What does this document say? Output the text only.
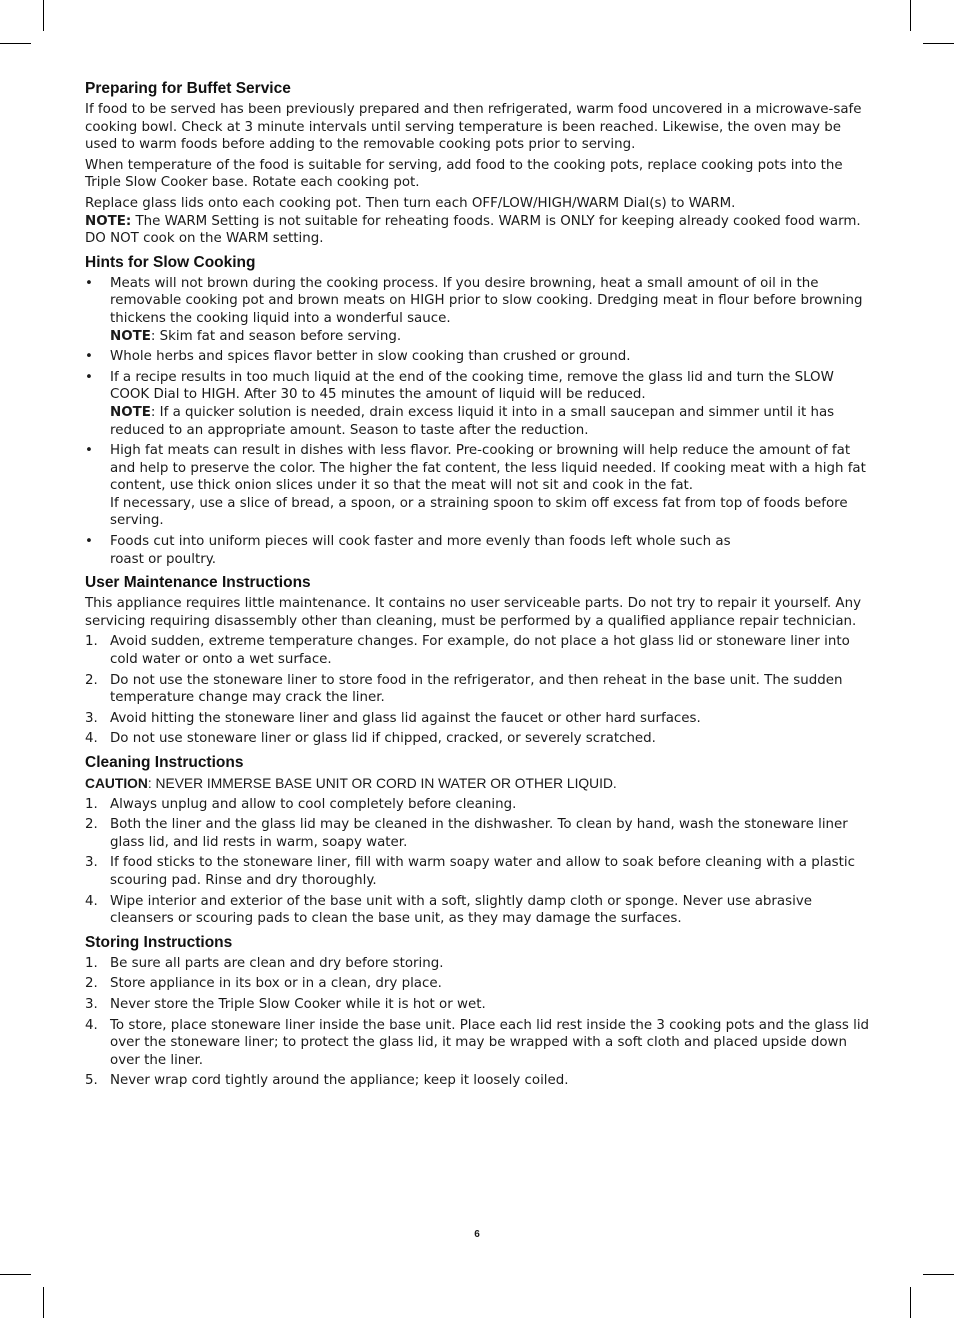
Preparing for Buffet Service

If food to be served has been previously prepared and then refrigerated, warm food uncovered in a microwave-safe cooking bowl. Check at 3 minute intervals until serving temperature is been reached. Likewise, the oven may be used to warm foods before adding to the removable cooking pots prior to serving.

When temperature of the food is suitable for serving, add food to the cooking pots, replace cooking pots into the Triple Slow Cooker base. Rotate each cooking pot.

Replace glass lids onto each cooking pot. Then turn each OFF/LOW/HIGH/WARM Dial(s) to WARM.

NOTE: The WARM Setting is not suitable for reheating foods. WARM is ONLY for keeping already cooked food warm. DO NOT cook on the WARM setting.

Hints for Slow Cooking
•	Meats will not brown during the cooking process. If you desire browning, heat a small amount of oil in the removable cooking pot and brown meats on HIGH prior to slow cooking. Dredging meat in flour before browning thickens the cooking liquid into a wonderful sauce.
NOTE: Skim fat and season before serving.
•	Whole herbs and spices flavor better in slow cooking than crushed or ground.
•	If a recipe results in too much liquid at the end of the cooking time, remove the glass lid and turn the SLOW COOK Dial to HIGH. After 30 to 45 minutes the amount of liquid will be reduced.
NOTE: If a quicker solution is needed, drain excess liquid it into in a small saucepan and simmer until it has reduced to an appropriate amount. Season to taste after the reduction.
•	High fat meats can result in dishes with less flavor. Pre-cooking or browning will help reduce the amount of fat and help to preserve the color. The higher the fat content, the less liquid needed. If cooking meat with a high fat content, use thick onion slices under it so that the meat will not sit and cook in the fat.
If necessary, use a slice of bread, a spoon, or a straining spoon to skim off excess fat from top of foods before serving.
•	Foods cut into uniform pieces will cook faster and more evenly than foods left whole such as
roast or poultry.
User Maintenance Instructions

This appliance requires little maintenance. It contains no user serviceable parts. Do not try to repair it yourself. Any servicing requiring disassembly other than cleaning, must be performed by a qualified appliance repair technician.

1. Avoid sudden, extreme temperature changes. For example, do not place a hot glass lid or stoneware liner into cold water or onto a wet surface.
2. Do not use the stoneware liner to store food in the refrigerator, and then reheat in the base unit. The sudden temperature change may crack the liner.
3. Avoid hitting the stoneware liner and glass lid against the faucet or other hard surfaces.
4. Do not use stoneware liner or glass lid if chipped, cracked, or severely scratched.
Cleaning Instructions

CAUTION: NEVER IMMERSE BASE UNIT OR CORD IN WATER OR OTHER LIQUID.

1. Always unplug and allow to cool completely before cleaning.
2. Both the liner and the glass lid may be cleaned in the dishwasher. To clean by hand, wash the stoneware liner glass lid, and lid rests in warm, soapy water.
3. If food sticks to the stoneware liner, fill with warm soapy water and allow to soak before cleaning with a plastic scouring pad. Rinse and dry thoroughly.
4. Wipe interior and exterior of the base unit with a soft, slightly damp cloth or sponge. Never use abrasive cleansers or scouring pads to clean the base unit, as they may damage the surfaces.
Storing Instructions
1. Be sure all parts are clean and dry before storing.
2. Store appliance in its box or in a clean, dry place.
3. Never store the Triple Slow Cooker while it is hot or wet.
4. To store, place stoneware liner inside the base unit. Place each lid rest inside the 3 cooking pots and the glass lid over the stoneware liner; to protect the glass lid, it may be wrapped with a soft cloth and placed upside down over the liner.
5. Never wrap cord tightly around the appliance; keep it loosely coiled.
6
